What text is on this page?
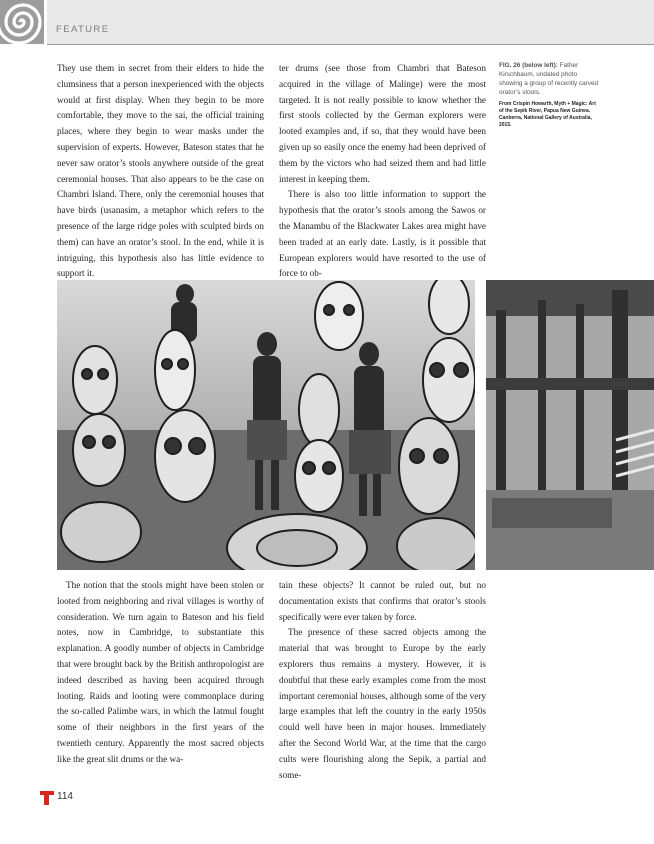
FEATURE

They use them in secret from their elders to hide the clumsiness that a person inexperienced with the objects would at first display. When they begin to be more comfortable, they move to the sai, the official training places, where they begin to wear masks under the supervision of experts. However, Bateson states that he never saw orator’s stools anywhere outside of the great ceremonial houses. That also appears to be the case on Chambri Island. There, only the ceremonial houses that have birds (usanasim, a metaphor which refers to the presence of the large ridge poles with sculpted birds on them) can have an orator’s stool. In the end, while it is intriguing, this hypothesis also has little evidence to support it.

ter drums (see those from Chambri that Bateson acquired in the village of Malinge) were the most targeted. It is not really possible to know whether the first stools collected by the German explorers were looted examples and, if so, that they would have been given up so easily once the enemy had been deprived of them by the victors who had seized them and had little interest in keeping them.

There is also too little information to support the hypothesis that the orator’s stools among the Sawos or the Manambu of the Blackwater Lakes area might have been traded at an early date. Lastly, is it possible that European explorers would have resorted to the use of force to ob-

FIG. 26 (below left): Father Kirschbaum, undated photo showing a group of recently carved orator’s stools.
From Crispin Howarth, Myth + Magic: Art of the Sepik River, Papua New Guinea. Canberra, National Gallery of Australia, 2015.

The notion that the stools might have been stolen or looted from neighboring and rival villages is worthy of consideration. We turn again to Bateson and his field notes, now in Cambridge, to substantiate this explanation. A goodly number of objects in Cambridge that were brought back by the British anthropologist are indeed described as having been acquired through looting. Raids and looting were commonplace during the so-called Palimbe wars, in which the Iatmul fought some of their neighbors in the first years of the twentieth century. Apparently the most sacred objects like the great slit drums or the wa-

tain these objects? It cannot be ruled out, but no documentation exists that confirms that orator’s stools specifically were ever taken by force.

The presence of these sacred objects among the material that was brought to Europe by the early explorers thus remains a mystery. However, it is doubtful that these early examples come from the most important ceremonial houses, although some of the very large examples that left the country in the early 1950s could well have been in major houses. Immediately after the Second World War, at the time that the cargo cults were flourishing along the Sepik, a partial and some-

114
